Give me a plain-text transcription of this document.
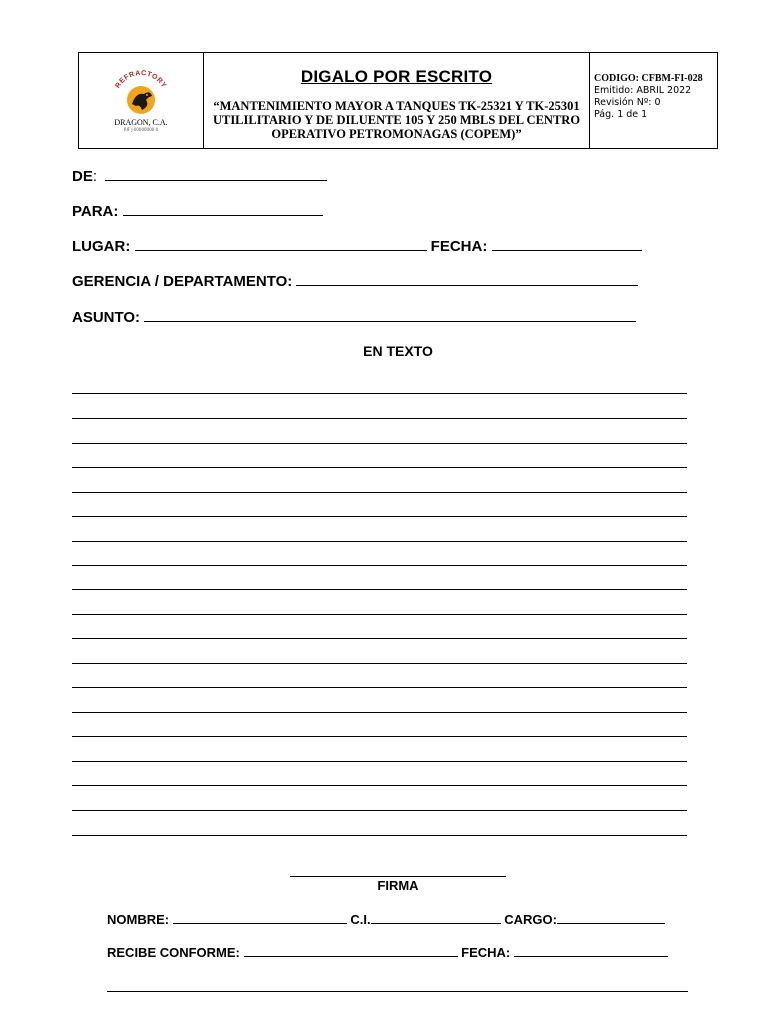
REFRACTORY
DRAGON, C.A.
RIF J-00000000-0
DIGALO POR ESCRITO
“MANTENIMIENTO MAYOR A TANQUES TK-25321 Y TK-25301 UTILILITARIO Y DE DILUENTE 105 Y 250 MBLS DEL CENTRO OPERATIVO PETROMONAGAS (COPEM)”
CODIGO: CFBM-FI-028
Emitido: ABRIL 2022
Revisión Nº: 0
Pág. 1 de 1
DE:
PARA:
LUGAR:	FECHA:
GERENCIA / DEPARTAMENTO:
ASUNTO:
EN TEXTO
FIRMA
NOMBRE:	C.I.	CARGO:
RECIBE CONFORME:	FECHA:
